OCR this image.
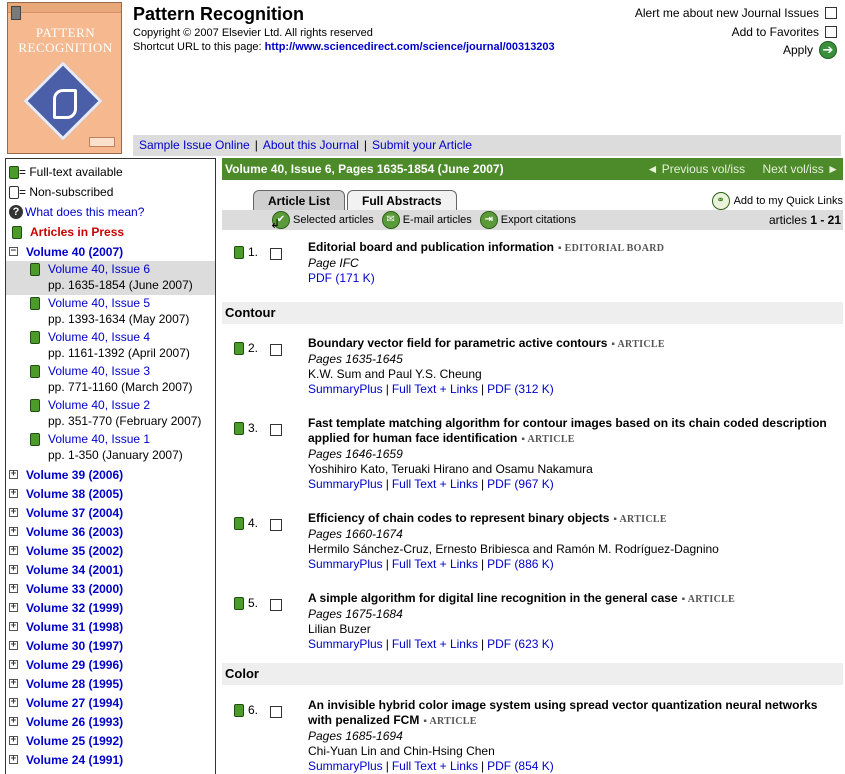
PATTERN
RECOGNITION
Pattern Recognition
Copyright © 2007 Elsevier Ltd. All rights reserved
Shortcut URL to this page: http://www.sciencedirect.com/science/journal/00313203
Alert me about new Journal Issues
Add to Favorites
Apply ➔
Sample Issue Online | About this Journal | Submit your Article
= Full-text available
= Non-subscribed
? What does this mean?
Articles in Press
− Volume 40 (2007)
Volume 40, Issue 6
pp. 1635-1854 (June 2007)
Volume 40, Issue 5
pp. 1393-1634 (May 2007)
Volume 40, Issue 4
pp. 1161-1392 (April 2007)
Volume 40, Issue 3
pp. 771-1160 (March 2007)
Volume 40, Issue 2
pp. 351-770 (February 2007)
Volume 40, Issue 1
pp. 1-350 (January 2007)
+ Volume 39 (2006)
+ Volume 38 (2005)
+ Volume 37 (2004)
+ Volume 36 (2003)
+ Volume 35 (2002)
+ Volume 34 (2001)
+ Volume 33 (2000)
+ Volume 32 (1999)
+ Volume 31 (1998)
+ Volume 30 (1997)
+ Volume 29 (1996)
+ Volume 28 (1995)
+ Volume 27 (1994)
+ Volume 26 (1993)
+ Volume 25 (1992)
+ Volume 24 (1991)
Volume 40, Issue 6, Pages 1635-1854 (June 2007)	◄ Previous vol/iss Next vol/iss ►
Article List	Full Abstracts	⚭ Add to my Quick Links
↲
✔ Selected articles	✉ E-mail articles	⇥ Export citations	articles 1 - 21
Contour
Color
1.	Editorial board and publication information ▪ EDITORIAL BOARD
Page IFC
PDF (171 K)
2.	Boundary vector field for parametric active contours ▪ ARTICLE
Pages 1635-1645
K.W. Sum and Paul Y.S. Cheung
SummaryPlus | Full Text + Links | PDF (312 K)
3.	Fast template matching algorithm for contour images based on its chain coded description applied for human face identification ▪ ARTICLE
Pages 1646-1659
Yoshihiro Kato, Teruaki Hirano and Osamu Nakamura
SummaryPlus | Full Text + Links | PDF (967 K)
4.	Efficiency of chain codes to represent binary objects ▪ ARTICLE
Pages 1660-1674
Hermilo Sánchez-Cruz, Ernesto Bribiesca and Ramón M. Rodríguez-Dagnino
SummaryPlus | Full Text + Links | PDF (886 K)
5.	A simple algorithm for digital line recognition in the general case ▪ ARTICLE
Pages 1675-1684
Lilian Buzer
SummaryPlus | Full Text + Links | PDF (623 K)
6.	An invisible hybrid color image system using spread vector quantization neural networks with penalized FCM ▪ ARTICLE
Pages 1685-1694
Chi-Yuan Lin and Chin-Hsing Chen
SummaryPlus | Full Text + Links | PDF (854 K)
